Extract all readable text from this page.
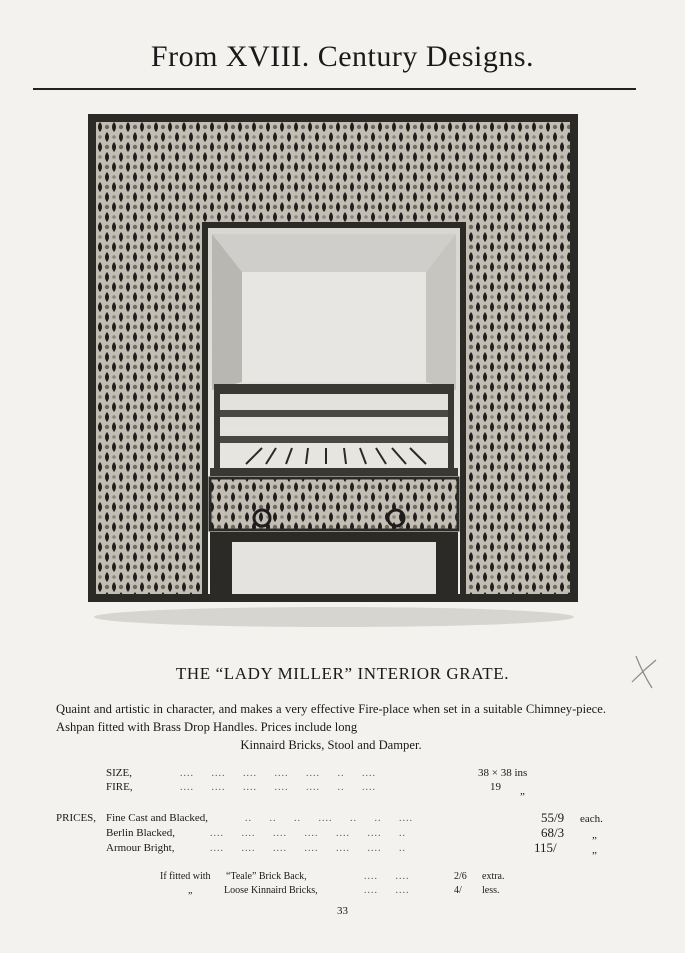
From XVIII. Century Designs.
THE “LADY MILLER” INTERIOR GRATE.
Quaint and artistic in character, and makes a very effective Fire-place when set in a suitable Chimney-piece. Ashpan fitted with Brass Drop Handles. Prices include long
Kinnaird Bricks, Stool and Damper.
SIZE,	....     ....     ....     ....     ....     ..     ....	38 × 38 ins
FIRE,	....     ....     ....     ....     ....     ..     ....	19 „
PRICES, Fine Cast and Blacked,	..     ..     ..     ....     ..     ..     ....	55/9 each.
Berlin Blacked,	....     ....     ....     ....     ....     ....     ..	68/3	„
Armour Bright,	....     ....     ....     ....     ....     ....     ..	115/	„
If fitted with “Teale” Brick Back,	....     ....	2/6 extra.
„	Loose Kinnaird Bricks,	....     ....	4/ less.
33
